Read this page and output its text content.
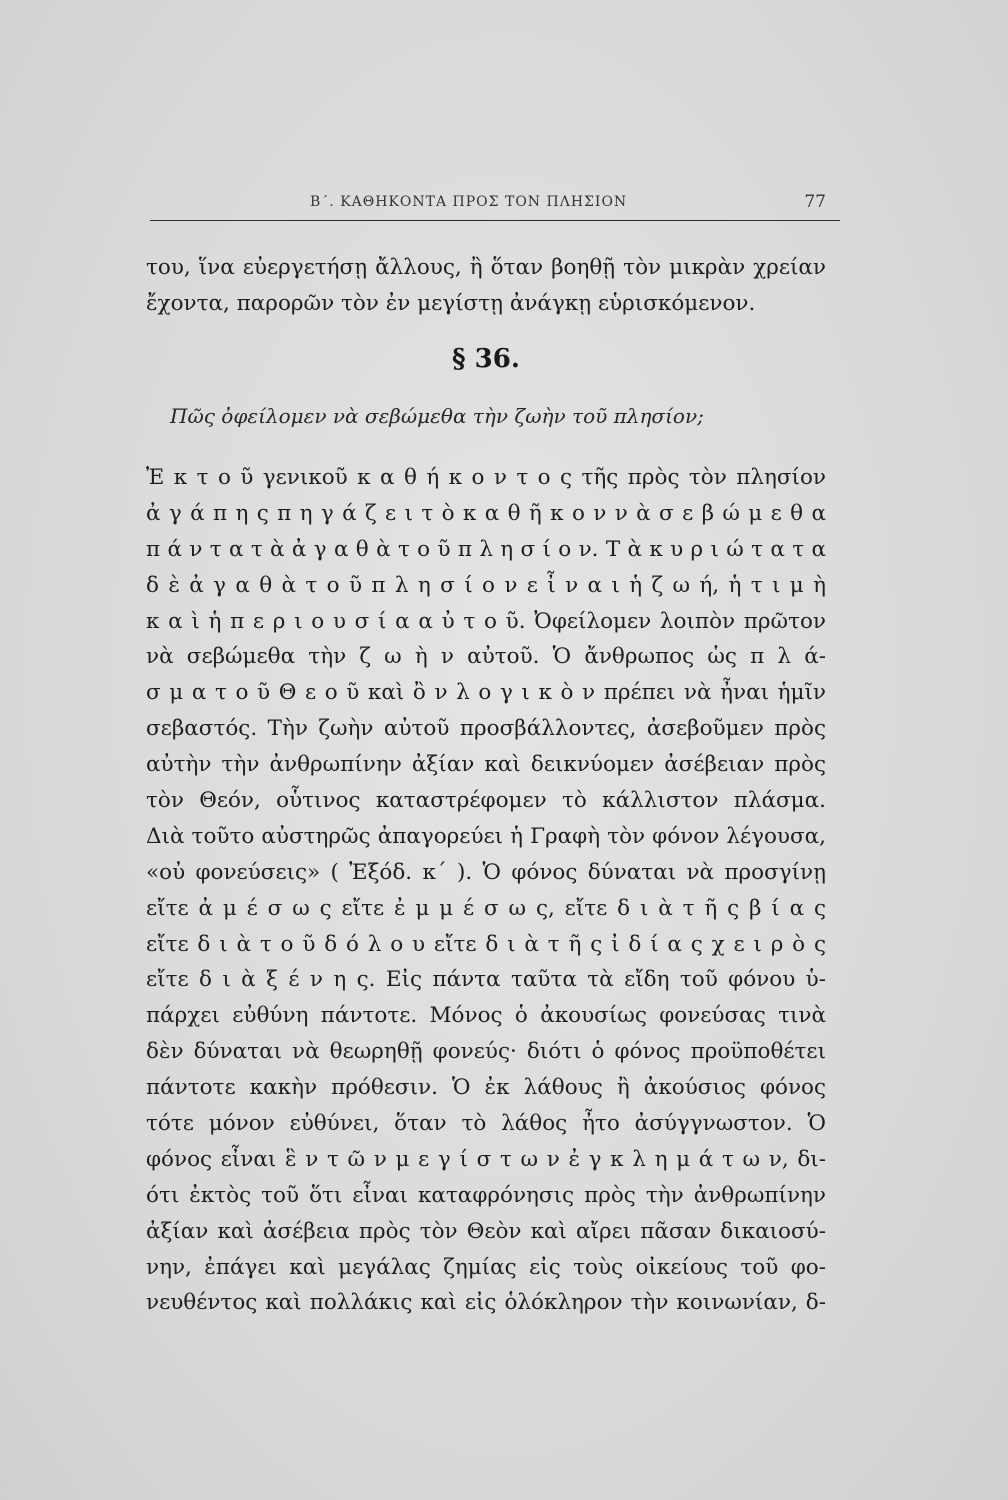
Β΄. ΚΑΘΗΚΟΝΤΑ ΠΡΟΣ ΤΟΝ ΠΛΗΣΙΟΝ	77
του, ἵνα εὐεργετήσῃ ἄλλους, ἢ ὅταν βοηθῇ τὸν μικρὰν χρείαν
ἔχοντα, παρορῶν τὸν ἐν μεγίστῃ ἀνάγκῃ εὑρισκόμενον.
§ 36.
Πῶς ὀφείλομεν νὰ σεβώμεθα τὴν ζωὴν τοῦ πλησίον;
Ἐ κ τ ο ῦ γενικοῦ κ α θ ή κ ο ν τ ο ς τῆς πρὸς τὸν πλησίον
ἀ γ ά π η ς π η γ ά ζ ε ι τ ὸ κ α θ ῆ κ ο ν ν ὰ σ ε β ώ μ ε θ α
π ά ν τ α τ ὰ ἀ γ α θ ὰ τ ο ῦ π λ η σ ί ο ν. Τ ὰ κ υ ρ ι ώ τ α τ α
δ ὲ ἀ γ α θ ὰ τ ο ῦ π λ η σ ί ο ν ε ἶ ν α ι ἡ ζ ω ή, ἡ τ ι μ ὴ
κ α ὶ ἡ π ε ρ ι ο υ σ ί α α ὐ τ ο ῦ. Ὀφείλομεν λοιπὸν πρῶτον
νὰ σεβώμεθα τὴν ζ ω ὴ ν αὐτοῦ. Ὁ ἄνθρωπος ὡς π λ ά-
σ μ α τ ο ῦ Θ ε ο ῦ καὶ ὂ ν λ ο γ ι κ ὸ ν πρέπει νὰ ἦναι ἡμῖν
σεβαστός. Τὴν ζωὴν αὐτοῦ προσβάλλοντες, ἀσεβοῦμεν πρὸς
αὐτὴν τὴν ἀνθρωπίνην ἀξίαν καὶ δεικνύομεν ἀσέβειαν πρὸς
τὸν Θεόν, οὗτινος καταστρέφομεν τὸ κάλλιστον πλάσμα.
Διὰ τοῦτο αὐστηρῶς ἀπαγορεύει ἡ Γραφὴ τὸν φόνον λέγουσα,
«οὐ φονεύσεις» ( Ἐξόδ. κ΄ ). Ὁ φόνος δύναται νὰ προσγίνῃ
εἴτε ἀ μ έ σ ω ς εἴτε ἐ μ μ έ σ ω ς, εἴτε δ ι ὰ τ ῆ ς β ί α ς
εἴτε δ ι ὰ τ ο ῦ δ ό λ ο υ εἴτε δ ι ὰ τ ῆ ς ἰ δ ί α ς χ ε ι ρ ὸ ς
εἴτε δ ι ὰ ξ έ ν η ς. Εἰς πάντα ταῦτα τὰ εἴδη τοῦ φόνου ὑ-
πάρχει εὐθύνη πάντοτε. Μόνος ὁ ἀκουσίως φονεύσας τινὰ
δὲν δύναται νὰ θεωρηθῇ φονεύς· διότι ὁ φόνος προϋποθέτει
πάντοτε κακὴν πρόθεσιν. Ὁ ἐκ λάθους ἢ ἀκούσιος φόνος
τότε μόνον εὐθύνει, ὅταν τὸ λάθος ἦτο ἀσύγγνωστον. Ὁ
φόνος εἶναι ἓ ν τ ῶ ν μ ε γ ί σ τ ω ν ἐ γ κ λ η μ ά τ ω ν, δι-
ότι ἐκτὸς τοῦ ὅτι εἶναι καταφρόνησις πρὸς τὴν ἀνθρωπίνην
ἀξίαν καὶ ἀσέβεια πρὸς τὸν Θεὸν καὶ αἴρει πᾶσαν δικαιοσύ-
νην, ἐπάγει καὶ μεγάλας ζημίας εἰς τοὺς οἰκείους τοῦ φο-
νευθέντος καὶ πολλάκις καὶ εἰς ὁλόκληρον τὴν κοινωνίαν, δ-
